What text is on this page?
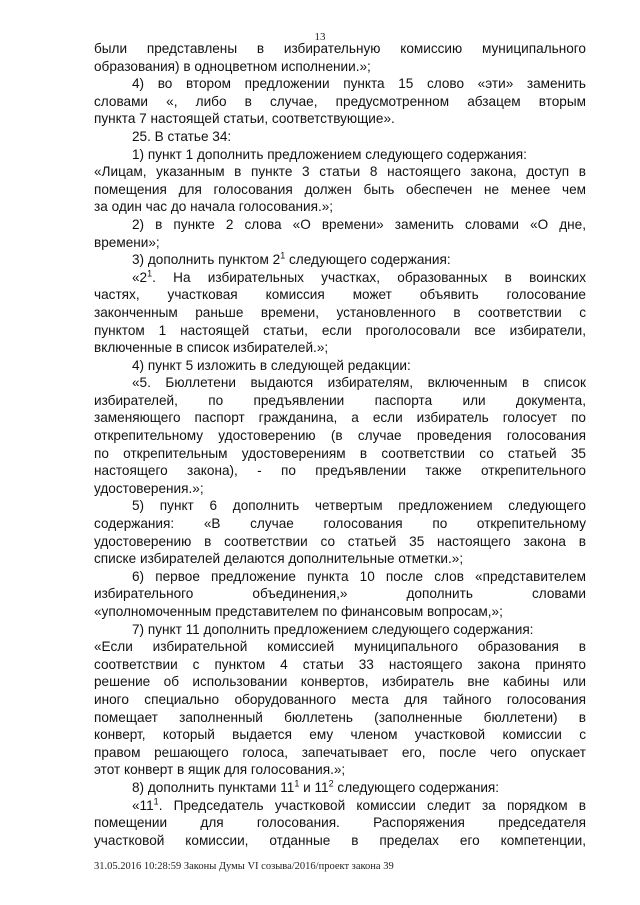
13
были представлены в избирательную комиссию муниципального
образования) в одноцветном исполнении.»;
4) во втором предложении пункта 15 слово «эти» заменить
словами «, либо в случае, предусмотренном абзацем вторым
пункта 7 настоящей статьи, соответствующие».
25. В статье 34:
1) пункт 1 дополнить предложением следующего содержания:
«Лицам, указанным в пункте 3 статьи 8 настоящего закона, доступ в
помещения для голосования должен быть обеспечен не менее чем
за один час до начала голосования.»;
2) в пункте 2 слова «О времени» заменить словами «О дне,
времени»;
3) дополнить пунктом $2^1$ следующего содержания:
«$2^1$. На избирательных участках, образованных в воинских
частях, участковая комиссия может объявить голосование
законченным раньше времени, установленного в соответствии с
пунктом 1 настоящей статьи, если проголосовали все избиратели,
включенные в список избирателей.»;
4) пункт 5 изложить в следующей редакции:
«5. Бюллетени выдаются избирателям, включенным в список
избирателей, по предъявлении паспорта или документа,
заменяющего паспорт гражданина, а если избиратель голосует по
открепительному удостоверению (в случае проведения голосования
по открепительным удостоверениям в соответствии со статьей 35
настоящего закона), - по предъявлении также открепительного
удостоверения.»;
5) пункт 6 дополнить четвертым предложением следующего
содержания: «В случае голосования по открепительному
удостоверению в соответствии со статьей 35 настоящего закона в
списке избирателей делаются дополнительные отметки.»;
6) первое предложение пункта 10 после слов «представителем
избирательного объединения,» дополнить словами
«уполномоченным представителем по финансовым вопросам,»;
7) пункт 11 дополнить предложением следующего содержания:
«Если избирательной комиссией муниципального образования в
соответствии с пунктом 4 статьи 33 настоящего закона принято
решение об использовании конвертов, избиратель вне кабины или
иного специально оборудованного места для тайного голосования
помещает заполненный бюллетень (заполненные бюллетени) в
конверт, который выдается ему членом участковой комиссии с
правом решающего голоса, запечатывает его, после чего опускает
этот конверт в ящик для голосования.»;
8) дополнить пунктами $11^1$ и $11^2$ следующего содержания:
«$11^1$. Председатель участковой комиссии следит за порядком в
помещении для голосования. Распоряжения председателя
участковой комиссии, отданные в пределах его компетенции,
31.05.2016 10:28:59 Законы Думы VI созыва/2016/проект закона 39
